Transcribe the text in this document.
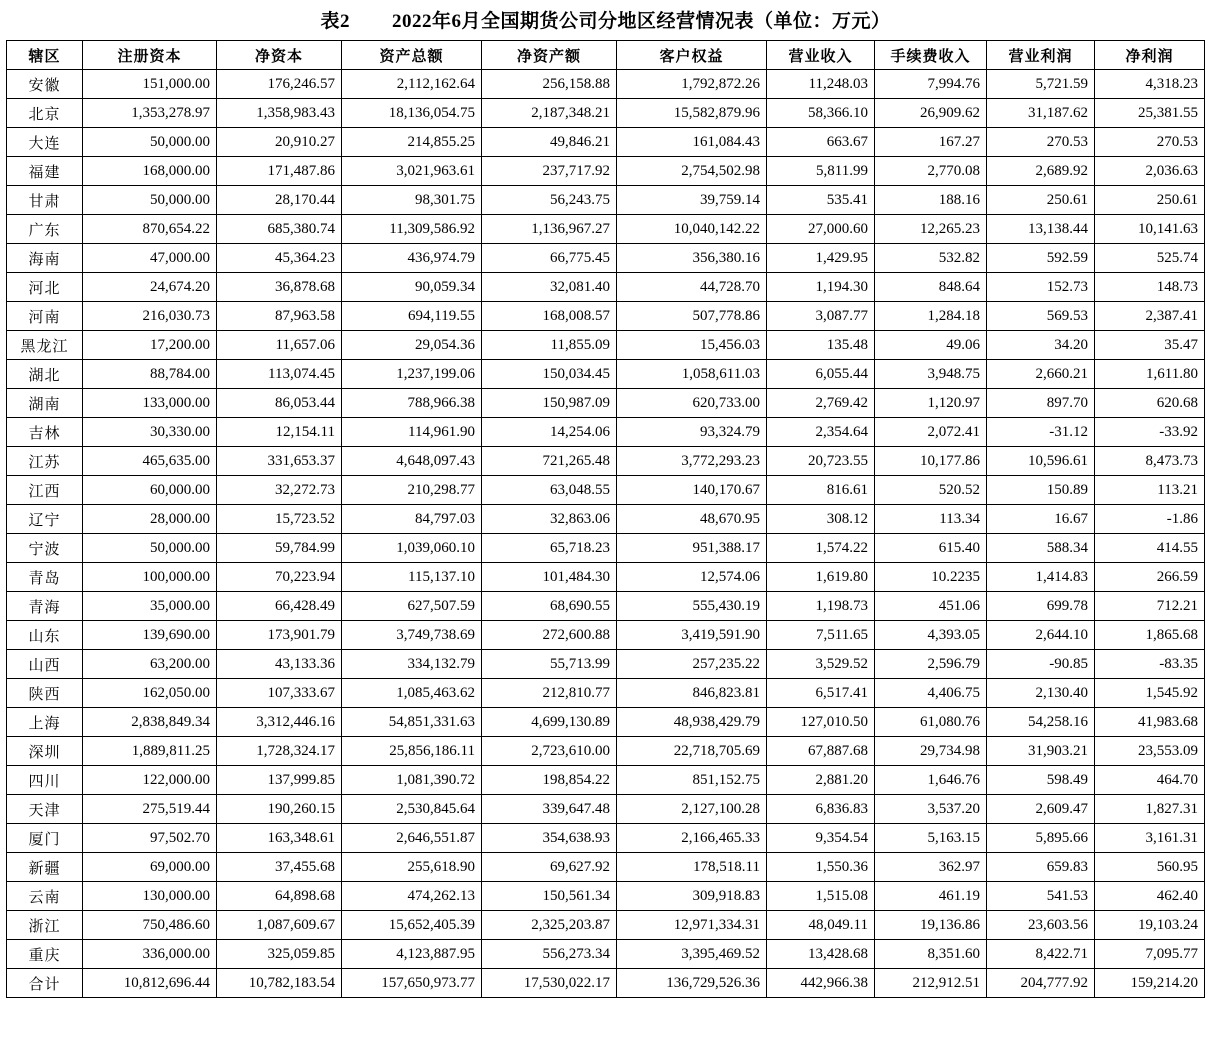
表2        2022年6月全国期货公司分地区经营情况表（单位：万元）
辖区	注册资本	净资本	资产总额	净资产额	客户权益	营业收入	手续费收入	营业利润	净利润
安徽	151,000.00	176,246.57	2,112,162.64	256,158.88	1,792,872.26	11,248.03	7,994.76	5,721.59	4,318.23
北京	1,353,278.97	1,358,983.43	18,136,054.75	2,187,348.21	15,582,879.96	58,366.10	26,909.62	31,187.62	25,381.55
大连	50,000.00	20,910.27	214,855.25	49,846.21	161,084.43	663.67	167.27	270.53	270.53
福建	168,000.00	171,487.86	3,021,963.61	237,717.92	2,754,502.98	5,811.99	2,770.08	2,689.92	2,036.63
甘肃	50,000.00	28,170.44	98,301.75	56,243.75	39,759.14	535.41	188.16	250.61	250.61
广东	870,654.22	685,380.74	11,309,586.92	1,136,967.27	10,040,142.22	27,000.60	12,265.23	13,138.44	10,141.63
海南	47,000.00	45,364.23	436,974.79	66,775.45	356,380.16	1,429.95	532.82	592.59	525.74
河北	24,674.20	36,878.68	90,059.34	32,081.40	44,728.70	1,194.30	848.64	152.73	148.73
河南	216,030.73	87,963.58	694,119.55	168,008.57	507,778.86	3,087.77	1,284.18	569.53	2,387.41
黑龙江	17,200.00	11,657.06	29,054.36	11,855.09	15,456.03	135.48	49.06	34.20	35.47
湖北	88,784.00	113,074.45	1,237,199.06	150,034.45	1,058,611.03	6,055.44	3,948.75	2,660.21	1,611.80
湖南	133,000.00	86,053.44	788,966.38	150,987.09	620,733.00	2,769.42	1,120.97	897.70	620.68
吉林	30,330.00	12,154.11	114,961.90	14,254.06	93,324.79	2,354.64	2,072.41	-31.12	-33.92
江苏	465,635.00	331,653.37	4,648,097.43	721,265.48	3,772,293.23	20,723.55	10,177.86	10,596.61	8,473.73
江西	60,000.00	32,272.73	210,298.77	63,048.55	140,170.67	816.61	520.52	150.89	113.21
辽宁	28,000.00	15,723.52	84,797.03	32,863.06	48,670.95	308.12	113.34	16.67	-1.86
宁波	50,000.00	59,784.99	1,039,060.10	65,718.23	951,388.17	1,574.22	615.40	588.34	414.55
青岛	100,000.00	70,223.94	115,137.10	101,484.30	12,574.06	1,619.80	10.2235	1,414.83	266.59
青海	35,000.00	66,428.49	627,507.59	68,690.55	555,430.19	1,198.73	451.06	699.78	712.21
山东	139,690.00	173,901.79	3,749,738.69	272,600.88	3,419,591.90	7,511.65	4,393.05	2,644.10	1,865.68
山西	63,200.00	43,133.36	334,132.79	55,713.99	257,235.22	3,529.52	2,596.79	-90.85	-83.35
陕西	162,050.00	107,333.67	1,085,463.62	212,810.77	846,823.81	6,517.41	4,406.75	2,130.40	1,545.92
上海	2,838,849.34	3,312,446.16	54,851,331.63	4,699,130.89	48,938,429.79	127,010.50	61,080.76	54,258.16	41,983.68
深圳	1,889,811.25	1,728,324.17	25,856,186.11	2,723,610.00	22,718,705.69	67,887.68	29,734.98	31,903.21	23,553.09
四川	122,000.00	137,999.85	1,081,390.72	198,854.22	851,152.75	2,881.20	1,646.76	598.49	464.70
天津	275,519.44	190,260.15	2,530,845.64	339,647.48	2,127,100.28	6,836.83	3,537.20	2,609.47	1,827.31
厦门	97,502.70	163,348.61	2,646,551.87	354,638.93	2,166,465.33	9,354.54	5,163.15	5,895.66	3,161.31
新疆	69,000.00	37,455.68	255,618.90	69,627.92	178,518.11	1,550.36	362.97	659.83	560.95
云南	130,000.00	64,898.68	474,262.13	150,561.34	309,918.83	1,515.08	461.19	541.53	462.40
浙江	750,486.60	1,087,609.67	15,652,405.39	2,325,203.87	12,971,334.31	48,049.11	19,136.86	23,603.56	19,103.24
重庆	336,000.00	325,059.85	4,123,887.95	556,273.34	3,395,469.52	13,428.68	8,351.60	8,422.71	7,095.77
合计	10,812,696.44	10,782,183.54	157,650,973.77	17,530,022.17	136,729,526.36	442,966.38	212,912.51	204,777.92	159,214.20
